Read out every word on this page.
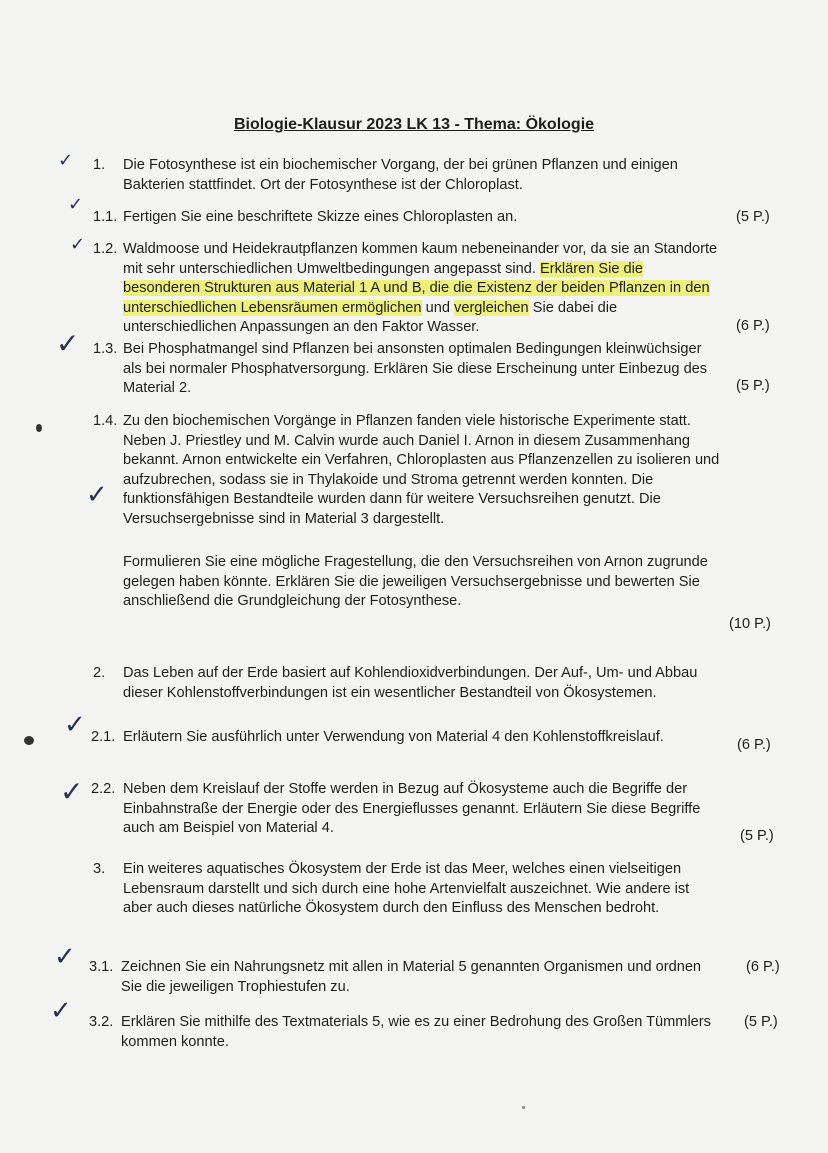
Biologie-Klausur 2023 LK 13 - Thema: Ökologie
1. Die Fotosynthese ist ein biochemischer Vorgang, der bei grünen Pflanzen und einigen Bakterien stattfindet. Ort der Fotosynthese ist der Chloroplast.
1.1. Fertigen Sie eine beschriftete Skizze eines Chloroplasten an.	(5 P.)
1.2. Waldmoose und Heidekrautpflanzen kommen kaum nebeneinander vor, da sie an Standorte mit sehr unterschiedlichen Umweltbedingungen angepasst sind. Erklären Sie die besonderen Strukturen aus Material 1 A und B, die die Existenz der beiden Pflanzen in den unterschiedlichen Lebensräumen ermöglichen und vergleichen Sie dabei die unterschiedlichen Anpassungen an den Faktor Wasser.	(6 P.)
1.3. Bei Phosphatmangel sind Pflanzen bei ansonsten optimalen Bedingungen kleinwüchsiger als bei normaler Phosphatversorgung. Erklären Sie diese Erscheinung unter Einbezug des Material 2.	(5 P.)
1.4. Zu den biochemischen Vorgänge in Pflanzen fanden viele historische Experimente statt. Neben J. Priestley und M. Calvin wurde auch Daniel I. Arnon in diesem Zusammenhang bekannt. Arnon entwickelte ein Verfahren, Chloroplasten aus Pflanzenzellen zu isolieren und aufzubrechen, sodass sie in Thylakoide und Stroma getrennt werden konnten. Die funktionsfähigen Bestandteile wurden dann für weitere Versuchsreihen genutzt. Die Versuchsergebnisse sind in Material 3 dargestellt.
Formulieren Sie eine mögliche Fragestellung, die den Versuchsreihen von Arnon zugrunde gelegen haben könnte. Erklären Sie die jeweiligen Versuchsergebnisse und bewerten Sie anschließend die Grundgleichung der Fotosynthese.
(10 P.)
2. Das Leben auf der Erde basiert auf Kohlendioxidverbindungen. Der Auf-, Um- und Abbau dieser Kohlenstoffverbindungen ist ein wesentlicher Bestandteil von Ökosystemen.
2.1. Erläutern Sie ausführlich unter Verwendung von Material 4 den Kohlenstoffkreislauf.	(6 P.)
2.2. Neben dem Kreislauf der Stoffe werden in Bezug auf Ökosysteme auch die Begriffe der Einbahnstraße der Energie oder des Energieflusses genannt. Erläutern Sie diese Begriffe auch am Beispiel von Material 4.	(5 P.)
3. Ein weiteres aquatisches Ökosystem der Erde ist das Meer, welches einen vielseitigen Lebensraum darstellt und sich durch eine hohe Artenvielfalt auszeichnet. Wie andere ist aber auch dieses natürliche Ökosystem durch den Einfluss des Menschen bedroht.
3.1. Zeichnen Sie ein Nahrungsnetz mit allen in Material 5 genannten Organismen und ordnen Sie die jeweiligen Trophiestufen zu.
(6 P.)
3.2. Erklären Sie mithilfe des Textmaterials 5, wie es zu einer Bedrohung des Großen Tümmlers kommen konnte.
(5 P.)
✓
✓
✓
✓
✓
✓
✓
✓
✓
